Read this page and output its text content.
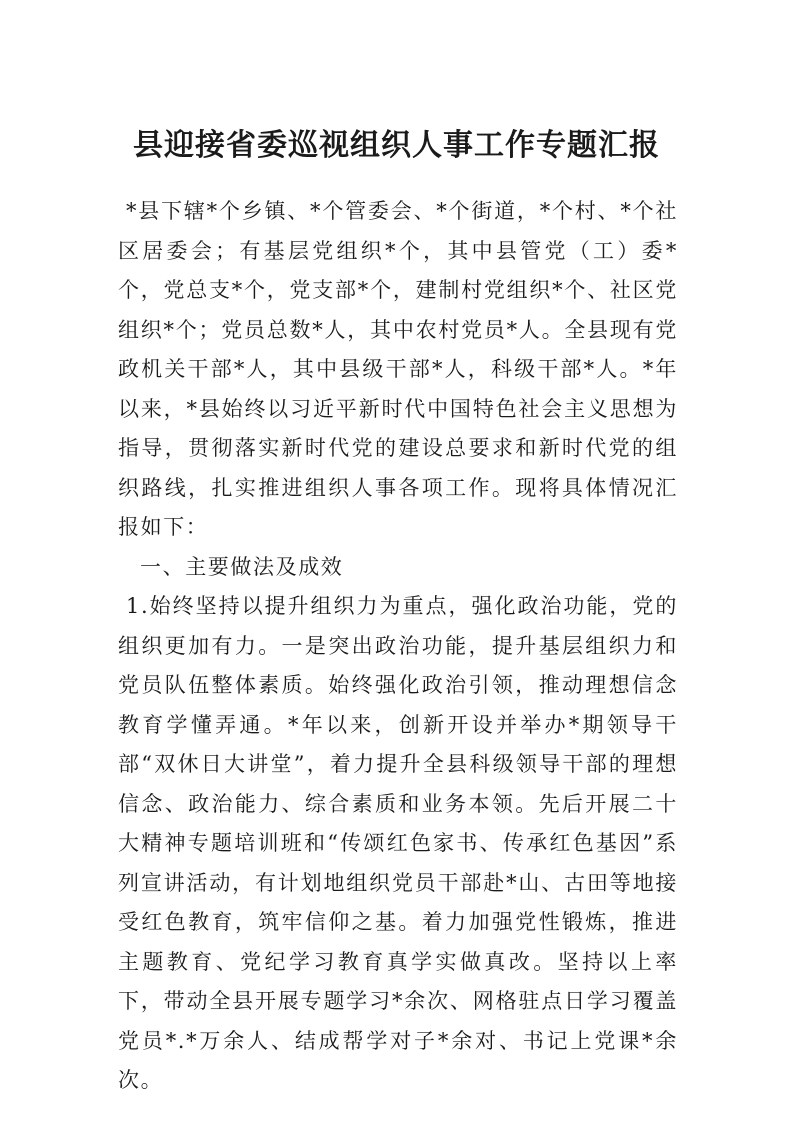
县迎接省委巡视组织人事工作专题汇报

*县下辖*个乡镇、*个管委会、*个街道，*个村、*个社区居委会；有基层党组织*个，其中县管党（工）委*个，党总支*个，党支部*个，建制村党组织*个、社区党组织*个；党员总数*人，其中农村党员*人。全县现有党政机关干部*人，其中县级干部*人，科级干部*人。*年以来，*县始终以习近平新时代中国特色社会主义思想为指导，贯彻落实新时代党的建设总要求和新时代党的组织路线，扎实推进组织人事各项工作。现将具体情况汇报如下：

一、主要做法及成效

1.始终坚持以提升组织力为重点，强化政治功能，党的组织更加有力。一是突出政治功能，提升基层组织力和党员队伍整体素质。始终强化政治引领，推动理想信念教育学懂弄通。*年以来，创新开设并举办*期领导干部“双休日大讲堂”，着力提升全县科级领导干部的理想信念、政治能力、综合素质和业务本领。先后开展二十大精神专题培训班和“传颂红色家书、传承红色基因”系列宣讲活动，有计划地组织党员干部赴*山、古田等地接受红色教育，筑牢信仰之基。着力加强党性锻炼，推进主题教育、党纪学习教育真学实做真改。坚持以上率下，带动全县开展专题学习*余次、网格驻点日学习覆盖党员*.*万余人、结成帮学对子*余对、书记上党课*余次。
